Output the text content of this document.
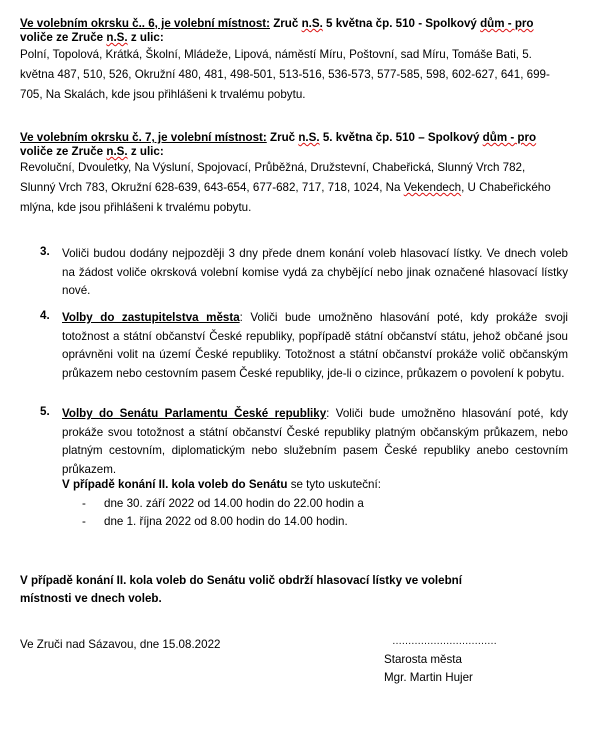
Ve volebním okrsku č.. 6, je volební místnost: Zruč n.S. 5 května čp. 510 - Spolkový dům - pro
voliče ze Zruče n.S. z ulic:
Polní, Topolová, Krátká, Školní, Mládeže, Lipová, náměstí Míru, Poštovní, sad Míru, Tomáše Bati, 5.
května 487, 510, 526, Okružní 480, 481, 498-501, 513-516, 536-573, 577-585, 598, 602-627, 641, 699-
705, Na Skalách, kde jsou přihlášeni k trvalému pobytu.
Ve volebním okrsku č. 7, je volební místnost: Zruč n.S. 5. května čp. 510 – Spolkový dům - pro
voliče ze Zruče n.S. z ulic:
Revoluční, Dvouletky, Na Výsluní, Spojovací, Průběžná, Družstevní, Chabeřická, Slunný Vrch 782,
Slunný Vrch 783, Okružní 628-639, 643-654, 677-682, 717, 718, 1024, Na Vekendech, U Chabeřického
mlýna, kde jsou přihlášeni k trvalému pobytu.
3.	Voliči budou dodány nejpozději 3 dny přede dnem konání voleb hlasovací lístky. Ve dnech voleb na žádost voliče okrsková volební komise vydá za chybějící nebo jinak označené hlasovací lístky nové.
4.	Volby do zastupitelstva města: Voliči bude umožněno hlasování poté, kdy prokáže svoji totožnost a státní občanství České republiky, popřípadě státní občanství státu, jehož občané jsou oprávněni volit na území České republiky. Totožnost a státní občanství prokáže volič občanským průkazem nebo cestovním pasem České republiky, jde-li o cizince, průkazem o povolení k pobytu.
5.	Volby do Senátu Parlamentu České republiky: Voliči bude umožněno hlasování poté, kdy prokáže svou totožnost a státní občanství České republiky platným občanským průkazem, nebo platným cestovním, diplomatickým nebo služebním pasem České republiky anebo cestovním průkazem.
V případě konání II. kola voleb do Senátu se tyto uskuteční:
- dne 30. září 2022 od 14.00 hodin do 22.00 hodin a
- dne 1. října 2022 od 8.00 hodin do 14.00 hodin.
V případě konání II. kola voleb do Senátu volič obdrží hlasovací lístky ve volební
místnosti ve dnech voleb.
Ve Zruči nad Sázavou, dne 15.08.2022	……………………………
Starosta města
Mgr. Martin Hujer
